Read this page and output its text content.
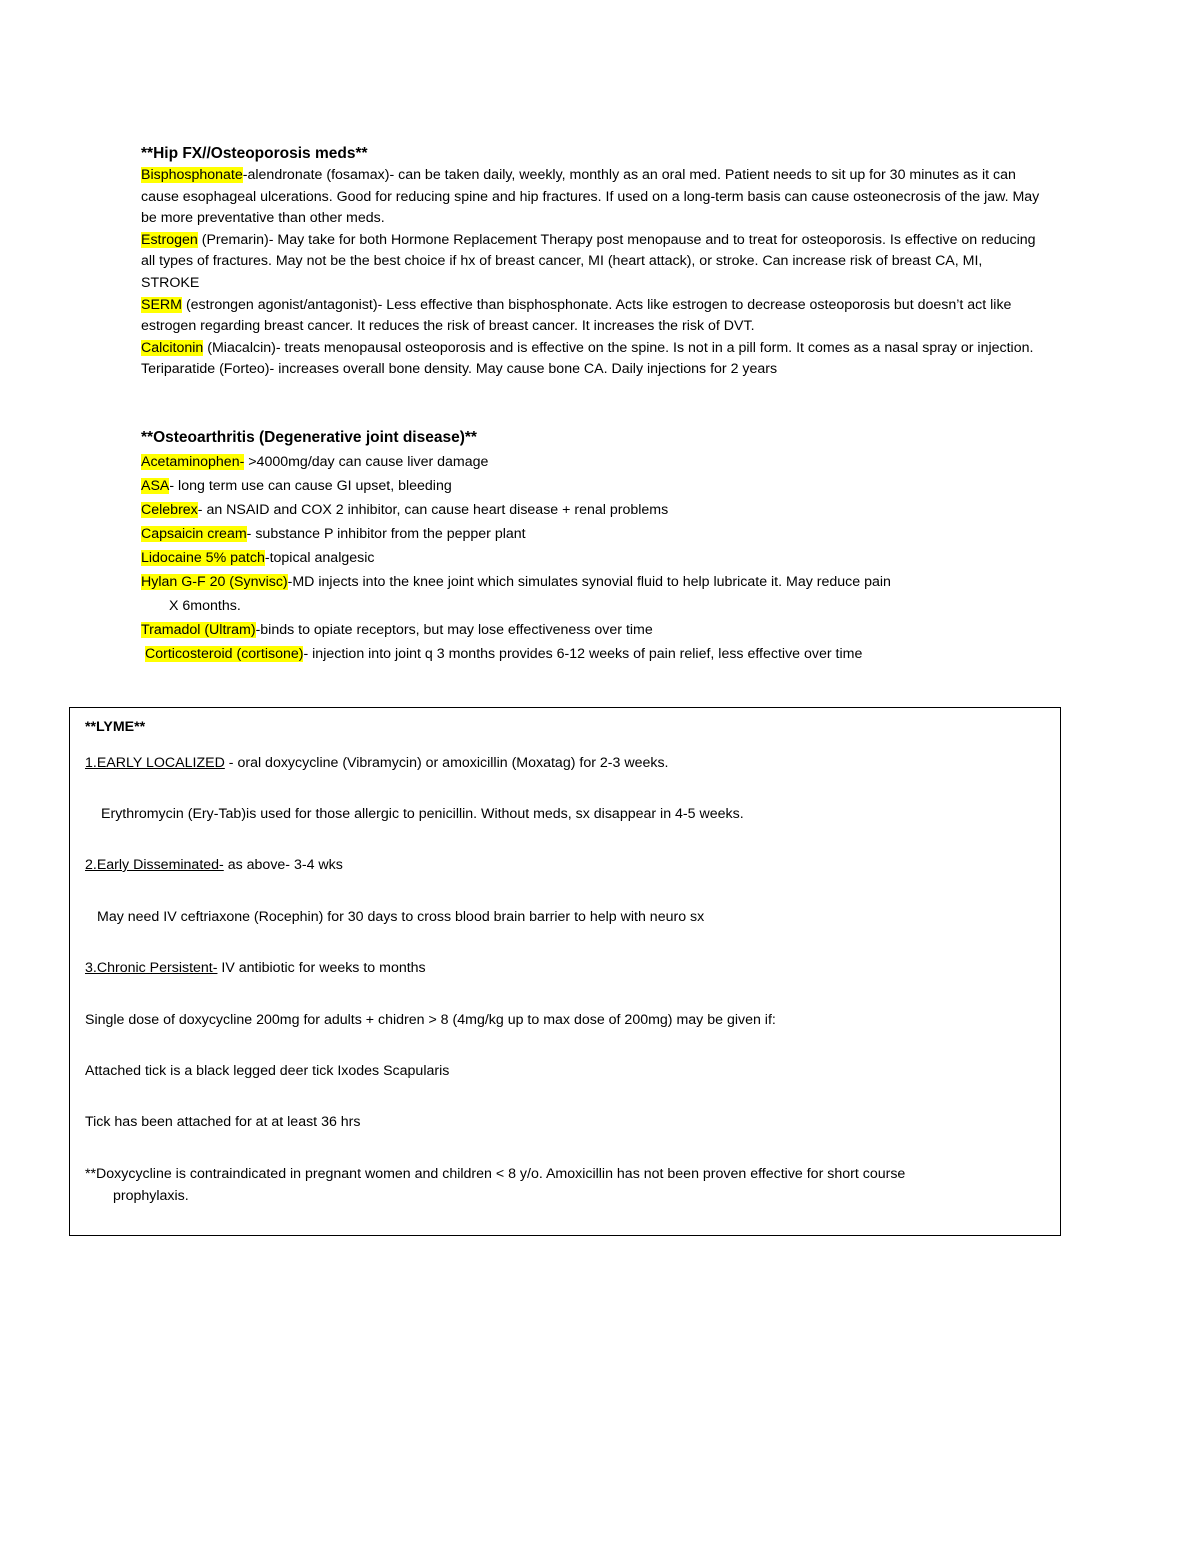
**Hip FX//Osteoporosis meds**
Bisphosphonate-alendronate (fosamax)- can be taken daily, weekly, monthly as an oral med. Patient needs to sit up for 30 minutes as it can cause esophageal ulcerations. Good for reducing spine and hip fractures. If used on a long-term basis can cause osteonecrosis of the jaw. May be more preventative than other meds.
Estrogen (Premarin)- May take for both Hormone Replacement Therapy post menopause and to treat for osteoporosis. Is effective on reducing all types of fractures. May not be the best choice if hx of breast cancer, MI (heart attack), or stroke. Can increase risk of breast CA, MI, STROKE
SERM (estrongen agonist/antagonist)- Less effective than bisphosphonate. Acts like estrogen to decrease osteoporosis but doesn’t act like estrogen regarding breast cancer. It reduces the risk of breast cancer. It increases the risk of DVT.
Calcitonin (Miacalcin)- treats menopausal osteoporosis and is effective on the spine. Is not in a pill form. It comes as a nasal spray or injection.
Teriparatide (Forteo)- increases overall bone density. May cause bone CA. Daily injections for 2 years
**Osteoarthritis (Degenerative joint disease)**
Acetaminophen- >4000mg/day can cause liver damage
ASA- long term use can cause GI upset, bleeding
Celebrex- an NSAID and COX 2 inhibitor, can cause heart disease + renal problems
Capsaicin cream- substance P inhibitor from the pepper plant
Lidocaine 5% patch-topical analgesic
Hylan G-F 20 (Synvisc)-MD injects into the knee joint which simulates synovial fluid to help lubricate it. May reduce pain
X 6months.
Tramadol (Ultram)-binds to opiate receptors, but may lose effectiveness over time
Corticosteroid (cortisone)- injection into joint q 3 months provides 6-12 weeks of pain relief, less effective over time
**LYME**
1.EARLY LOCALIZED - oral doxycycline (Vibramycin) or amoxicillin (Moxatag) for 2-3 weeks.
Erythromycin (Ery-Tab)is used for those allergic to penicillin. Without meds, sx disappear in 4-5 weeks.
2.Early Disseminated- as above- 3-4 wks
May need IV ceftriaxone (Rocephin) for 30 days to cross blood brain barrier to help with neuro sx
3.Chronic Persistent- IV antibiotic for weeks to months
Single dose of doxycycline 200mg for adults + chidren > 8 (4mg/kg up to max dose of 200mg) may be given if:
Attached tick is a black legged deer tick Ixodes Scapularis
Tick has been attached for at at least 36 hrs
**Doxycycline is contraindicated in pregnant women and children < 8 y/o. Amoxicillin has not been proven effective for short course
prophylaxis.
